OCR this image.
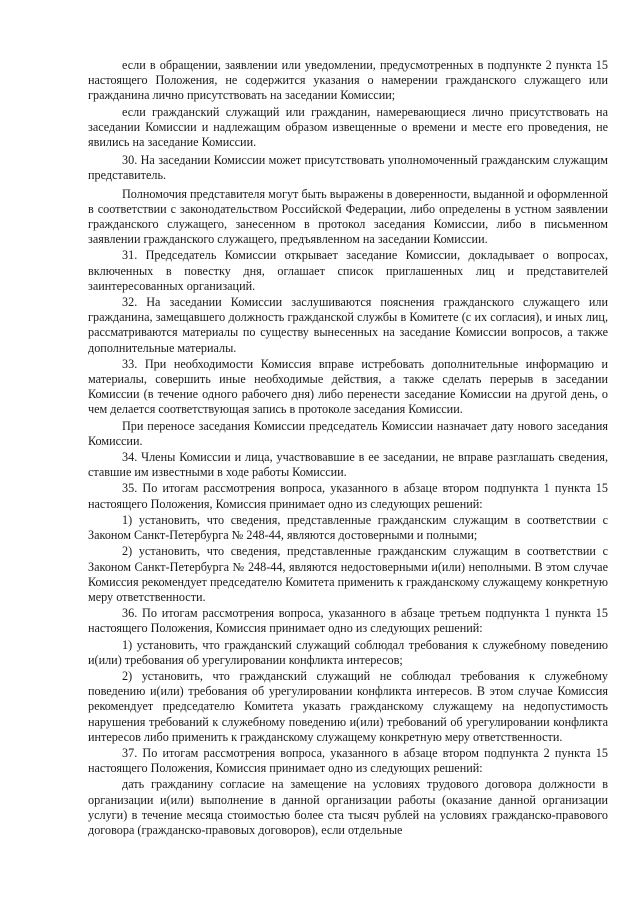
если в обращении, заявлении или уведомлении, предусмотренных в подпункте 2 пункта 15 настоящего Положения, не содержится указания о намерении гражданского служащего или гражданина лично присутствовать на заседании Комиссии;

если гражданский служащий или гражданин, намеревающиеся лично присутствовать на заседании Комиссии и надлежащим образом извещенные о времени и месте его проведения, не явились на заседание Комиссии.

30. На заседании Комиссии может присутствовать уполномоченный гражданским служащим представитель.

Полномочия представителя могут быть выражены в доверенности, выданной и оформленной в соответствии с законодательством Российской Федерации, либо определены в устном заявлении гражданского служащего, занесенном в протокол заседания Комиссии, либо в письменном заявлении гражданского служащего, предъявленном на заседании Комиссии.

31. Председатель Комиссии открывает заседание Комиссии, докладывает о вопросах, включенных в повестку дня, оглашает список приглашенных лиц и представителей заинтересованных организаций.

32. На заседании Комиссии заслушиваются пояснения гражданского служащего или гражданина, замещавшего должность гражданской службы в Комитете (с их согласия), и иных лиц, рассматриваются материалы по существу вынесенных на заседание Комиссии вопросов, а также дополнительные материалы.

33. При необходимости Комиссия вправе истребовать дополнительные информацию и материалы, совершить иные необходимые действия, а также сделать перерыв в заседании Комиссии (в течение одного рабочего дня) либо перенести заседание Комиссии на другой день, о чем делается соответствующая запись в протоколе заседания Комиссии.

При переносе заседания Комиссии председатель Комиссии назначает дату нового заседания Комиссии.

34. Члены Комиссии и лица, участвовавшие в ее заседании, не вправе разглашать сведения, ставшие им известными в ходе работы Комиссии.

35. По итогам рассмотрения вопроса, указанного в абзаце втором подпункта 1 пункта 15 настоящего Положения, Комиссия принимает одно из следующих решений:

1) установить, что сведения, представленные гражданским служащим в соответствии с Законом Санкт-Петербурга № 248-44, являются достоверными и полными;

2) установить, что сведения, представленные гражданским служащим в соответствии с Законом Санкт-Петербурга № 248-44, являются недостоверными и(или) неполными. В этом случае Комиссия рекомендует председателю Комитета применить к гражданскому служащему конкретную меру ответственности.

36. По итогам рассмотрения вопроса, указанного в абзаце третьем подпункта 1 пункта 15 настоящего Положения, Комиссия принимает одно из следующих решений:

1) установить, что гражданский служащий соблюдал требования к служебному поведению и(или) требования об урегулировании конфликта интересов;

2) установить, что гражданский служащий не соблюдал требования к служебному поведению и(или) требования об урегулировании конфликта интересов. В этом случае Комиссия рекомендует председателю Комитета указать гражданскому служащему на недопустимость нарушения требований к служебному поведению и(или) требований об урегулировании конфликта интересов либо применить к гражданскому служащему конкретную меру ответственности.

37. По итогам рассмотрения вопроса, указанного в абзаце втором подпункта 2 пункта 15 настоящего Положения, Комиссия принимает одно из следующих решений:

дать гражданину согласие на замещение на условиях трудового договора должности в организации и(или) выполнение в данной организации работы (оказание данной организации услуги) в течение месяца стоимостью более ста тысяч рублей на условиях гражданско-правового договора (гражданско-правовых договоров), если отдельные
